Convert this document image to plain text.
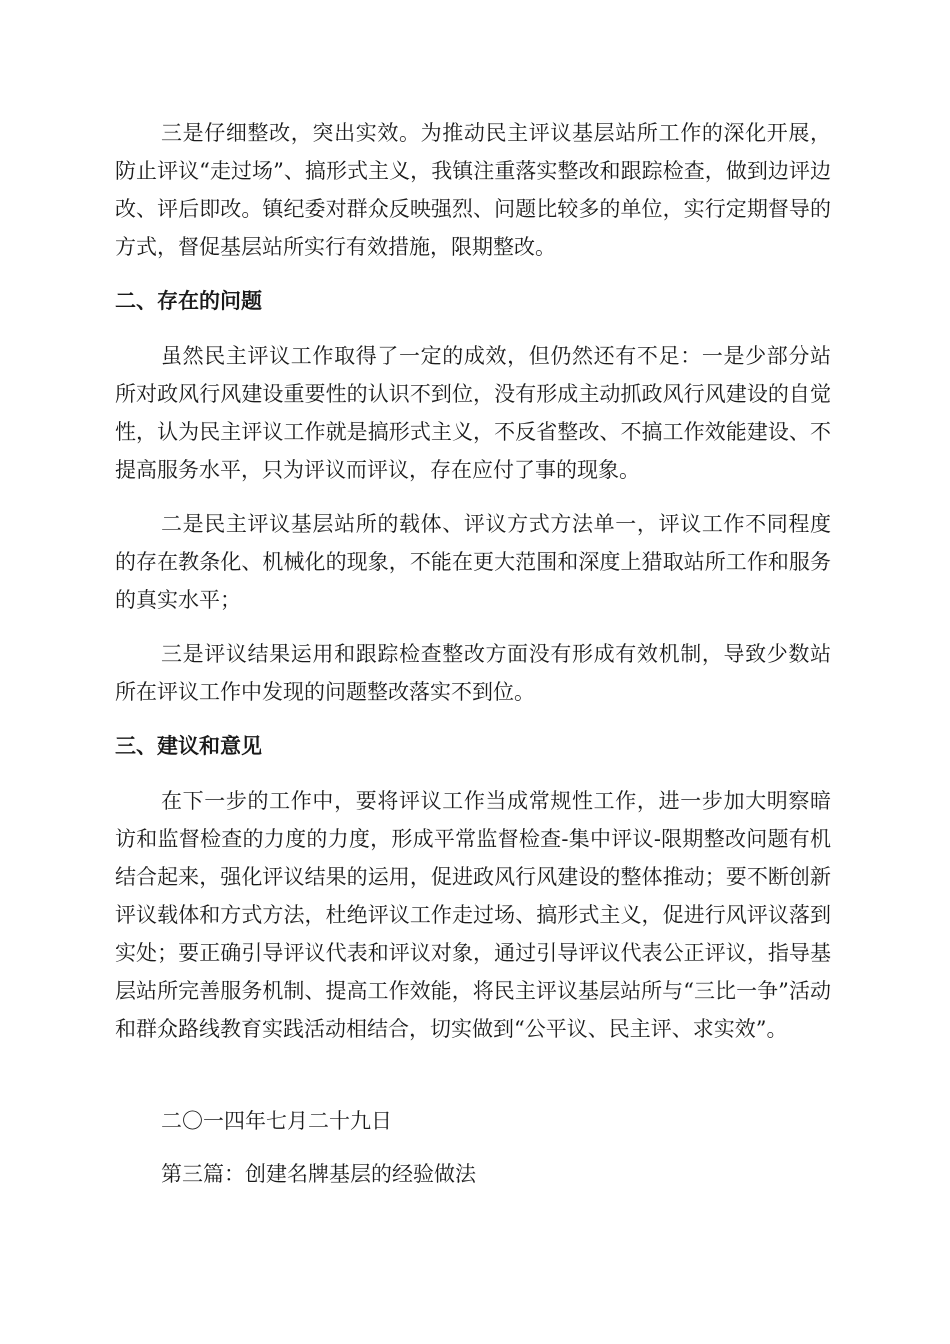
三是仔细整改，突出实效。为推动民主评议基层站所工作的深化开展，防止评议“走过场”、搞形式主义，我镇注重落实整改和跟踪检查，做到边评边改、评后即改。镇纪委对群众反映强烈、问题比较多的单位，实行定期督导的方式，督促基层站所实行有效措施，限期整改。

二、存在的问题

虽然民主评议工作取得了一定的成效，但仍然还有不足：一是少部分站所对政风行风建设重要性的认识不到位，没有形成主动抓政风行风建设的自觉性，认为民主评议工作就是搞形式主义，不反省整改、不搞工作效能建设、不提高服务水平，只为评议而评议，存在应付了事的现象。

二是民主评议基层站所的载体、评议方式方法单一，评议工作不同程度的存在教条化、机械化的现象，不能在更大范围和深度上猎取站所工作和服务的真实水平；

三是评议结果运用和跟踪检查整改方面没有形成有效机制，导致少数站所在评议工作中发现的问题整改落实不到位。

三、建议和意见

在下一步的工作中，要将评议工作当成常规性工作，进一步加大明察暗访和监督检查的力度的力度，形成平常监督检查-集中评议-限期整改问题有机结合起来，强化评议结果的运用，促进政风行风建设的整体推动；要不断创新评议载体和方式方法，杜绝评议工作走过场、搞形式主义，促进行风评议落到实处；要正确引导评议代表和评议对象，通过引导评议代表公正评议，指导基层站所完善服务机制、提高工作效能，将民主评议基层站所与“三比一争”活动和群众路线教育实践活动相结合，切实做到“公平议、民主评、求实效”。

二〇一四年七月二十九日

第三篇：创建名牌基层的经验做法
